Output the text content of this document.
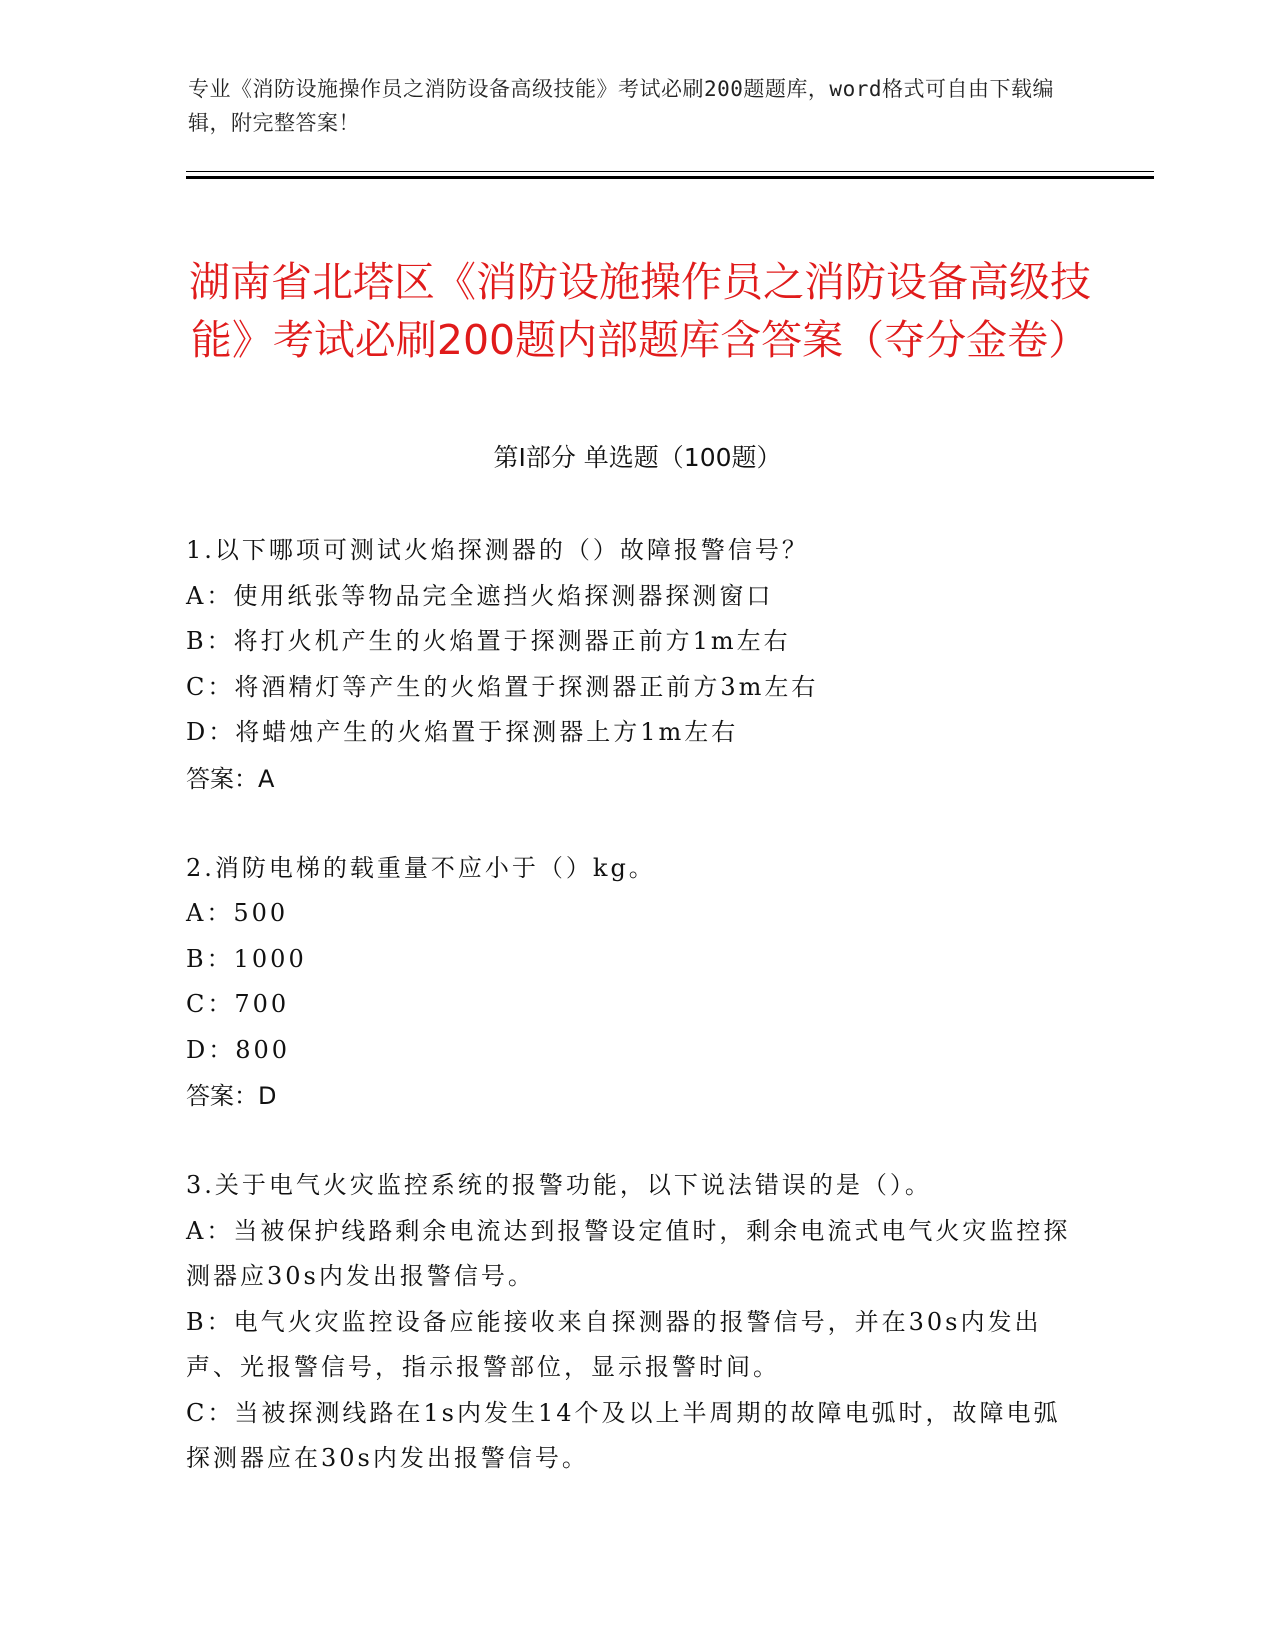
专业《消防设施操作员之消防设备高级技能》考试必刷200题题库，word格式可自由下载编辑，附完整答案！
湖南省北塔区《消防设施操作员之消防设备高级技能》考试必刷200题内部题库含答案（夺分金卷）
第Ⅰ部分 单选题（100题）
1.以下哪项可测试火焰探测器的（）故障报警信号？
A：使用纸张等物品完全遮挡火焰探测器探测窗口
B：将打火机产生的火焰置于探测器正前方1m左右
C：将酒精灯等产生的火焰置于探测器正前方3m左右
D：将蜡烛产生的火焰置于探测器上方1m左右
答案：A
2.消防电梯的载重量不应小于（）kg。
A：500
B：1000
C：700
D：800
答案：D
3.关于电气火灾监控系统的报警功能，以下说法错误的是（）。
A：当被保护线路剩余电流达到报警设定值时，剩余电流式电气火灾监控探测器应30s内发出报警信号。
B：电气火灾监控设备应能接收来自探测器的报警信号，并在30s内发出声、光报警信号，指示报警部位，显示报警时间。
C：当被探测线路在1s内发生14个及以上半周期的故障电弧时，故障电弧探测器应在30s内发出报警信号。
